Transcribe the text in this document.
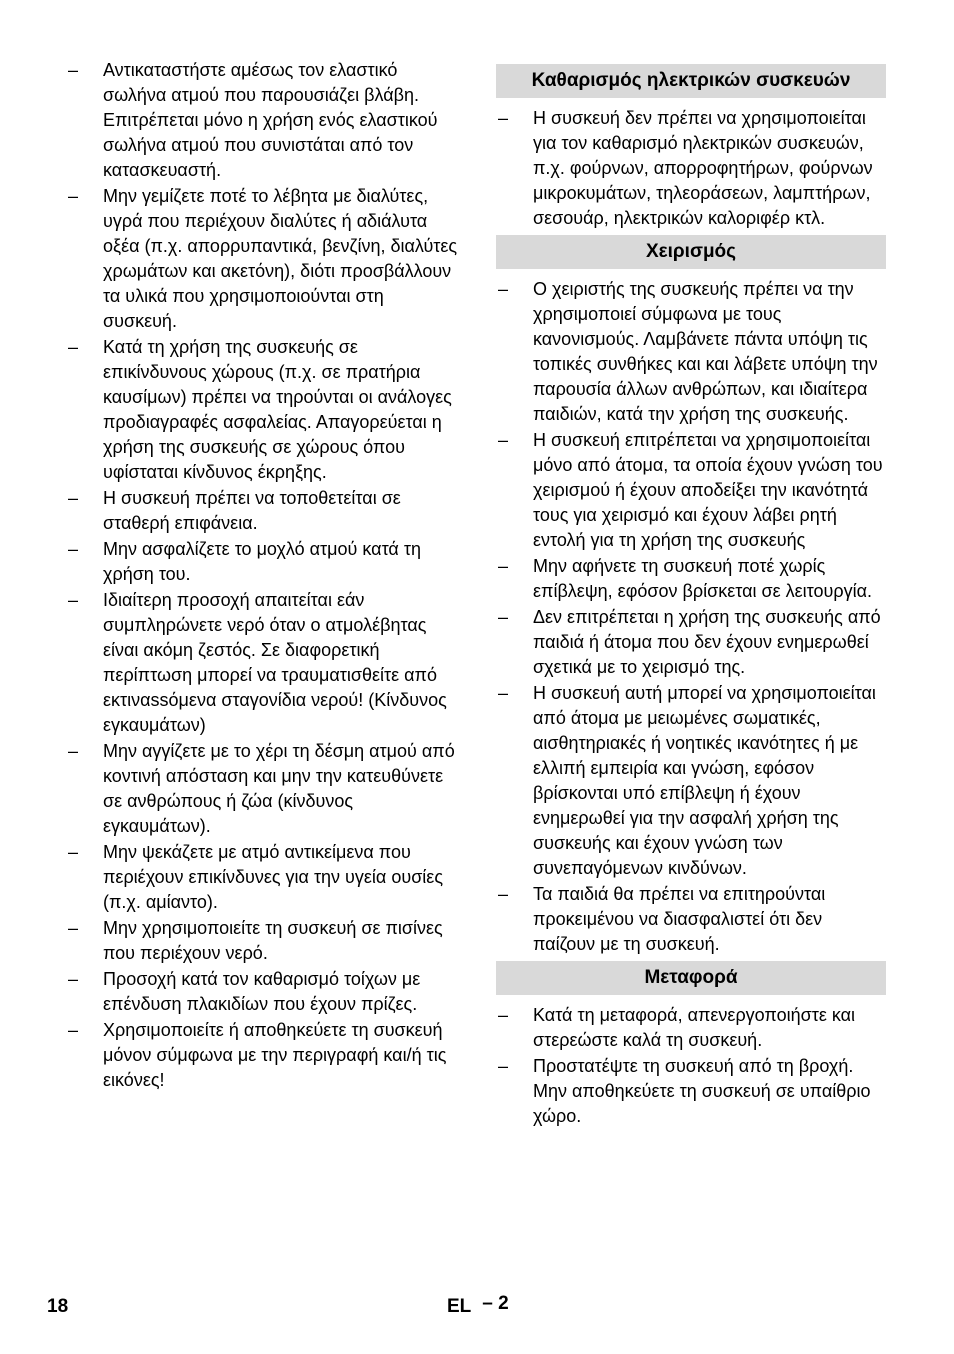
– Αντικαταστήστε αμέσως τον ελαστικό σωλήνα ατμού που παρουσιάζει βλάβη. Επιτρέπεται μόνο η χρήση ενός ελαστικού σωλήνα ατμού που συνιστάται από τον κατασκευαστή.
– Μην γεμίζετε ποτέ το λέβητα με διαλύτες, υγρά που περιέχουν διαλύτες ή αδιάλυτα οξέα (π.χ. απορρυπαντικά, βενζίνη, διαλύτες χρωμάτων και ακετόνη), διότι προσβάλλουν τα υλικά που χρησιμοποιούνται στη συσκευή.
– Κατά τη χρήση της συσκευής σε επικίνδυνους χώρους (π.χ. σε πρατήρια καυσίμων) πρέπει να τηρούνται οι ανάλογες προδιαγραφές ασφαλείας. Απαγορεύεται η χρήση της συσκευής σε χώρους όπου υφίσταται κίνδυνος έκρηξης.
– Η συσκευή πρέπει να τοποθετείται σε σταθερή επιφάνεια.
– Μην ασφαλίζετε το μοχλό ατμού κατά τη χρήση του.
– Ιδιαίτερη προσοχή απαιτείται εάν συμπληρώνετε νερό όταν ο ατμολέβητας είναι ακόμη ζεστός. Σε διαφορετική περίπτωση μπορεί να τραυματισθείτε από εκτιναssόμενα σταγονίδια νερού! (Κίνδυνος εγκαυμάτων)
– Μην αγγίζετε με το χέρι τη δέσμη ατμού από κοντινή απόσταση και μην την κατευθύνετε σε ανθρώπους ή ζώα (κίνδυνος εγκαυμάτων).
– Μην ψεκάζετε με ατμό αντικείμενα που περιέχουν επικίνδυνες για την υγεία ουσίες (π.χ. αμίαντο).
– Μην χρησιμοποιείτε τη συσκευή σε πισίνες που περιέχουν νερό.
– Προσοχή κατά τον καθαρισμό τοίχων με επένδυση πλακιδίων που έχουν πρίζες.
– Χρησιμοποιείτε ή αποθηκεύετε τη συσκευή μόνον σύμφωνα με την περιγραφή και/ή τις εικόνες!
Καθαρισμός ηλεκτρικών συσκευών
– Η συσκευή δεν πρέπει να χρησιμοποιείται για τον καθαρισμό ηλεκτρικών συσκευών, π.χ. φούρνων, απορροφητήρων, φούρνων μικροκυμάτων, τηλεοράσεων, λαμπτήρων, σεσουάρ, ηλεκτρικών καλοριφέρ κτλ.
Χειρισμός
– Ο χειριστής της συσκευής πρέπει να την χρησιμοποιεί σύμφωνα με τους κανονισμούς. Λαμβάνετε πάντα υπόψη τις τοπικές συνθήκες και και λάβετε υπόψη την παρουσία άλλων ανθρώπων, και ιδιαίτερα παιδιών, κατά την χρήση της συσκευής.
– Η συσκευή επιτρέπεται να χρησιμοποιείται μόνο από άτομα, τα οποία έχουν γνώση του χειρισμού ή έχουν αποδείξει την ικανότητά τους για χειρισμό και έχουν λάβει ρητή εντολή για τη χρήση της συσκευής
– Μην αφήνετε τη συσκευή ποτέ χωρίς επίβλεψη, εφόσον βρίσκεται σε λειτουργία.
– Δεν επιτρέπεται η χρήση της συσκευής από παιδιά ή άτομα που δεν έχουν ενημερωθεί σχετικά με το χειρισμό της.
– Η συσκευή αυτή μπορεί να χρησιμοποιείται από άτομα με μειωμένες σωματικές, αισθητηριακές ή νοητικές ικανότητες ή με ελλιπή εμπειρία και γνώση, εφόσον βρίσκονται υπό επίβλεψη ή έχουν ενημερωθεί για την ασφαλή χρήση της συσκευής και έχουν γνώση των συνεπαγόμενων κινδύνων.
– Τα παιδιά θα πρέπει να επιτηρούνται προκειμένου να διασφαλιστεί ότι δεν παίζουν με τη συσκευή.
Μεταφορά
– Κατά τη μεταφορά, απενεργοποιήστε και στερεώστε καλά τη συσκευή.
– Προστατέψτε τη συσκευή από τη βροχή. Μην αποθηκεύετε τη συσκευή σε υπαίθριο χώρο.
18	EL – 2
